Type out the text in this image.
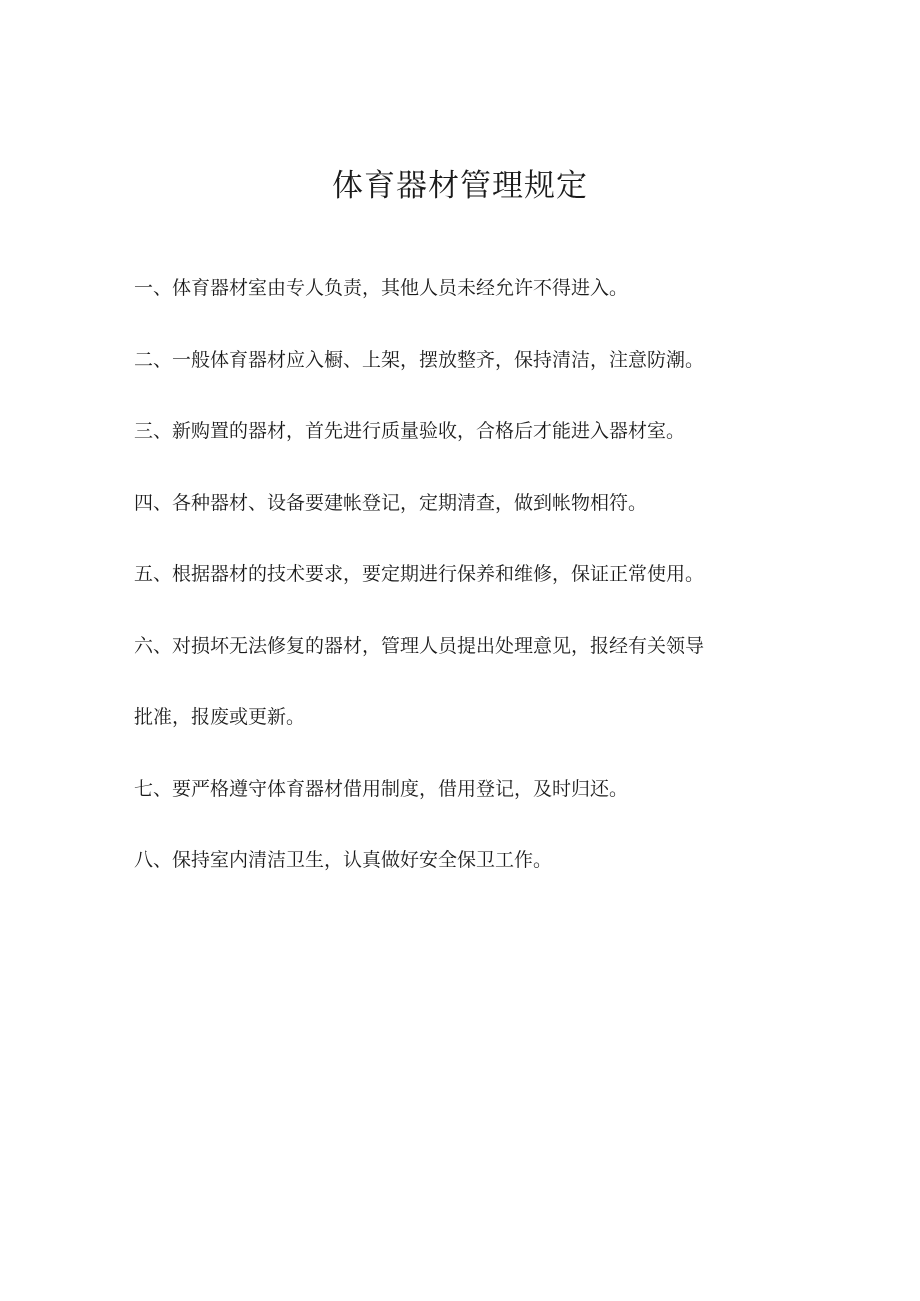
体育器材管理规定
一、体育器材室由专人负责，其他人员未经允许不得进入。
二、一般体育器材应入橱、上架，摆放整齐，保持清洁，注意防潮。
三、新购置的器材，首先进行质量验收，合格后才能进入器材室。
四、各种器材、设备要建帐登记，定期清查，做到帐物相符。
五、根据器材的技术要求，要定期进行保养和维修，保证正常使用。
六、对损坏无法修复的器材，管理人员提出处理意见，报经有关领导
批准，报废或更新。
七、要严格遵守体育器材借用制度，借用登记，及时归还。
八、保持室内清洁卫生，认真做好安全保卫工作。
